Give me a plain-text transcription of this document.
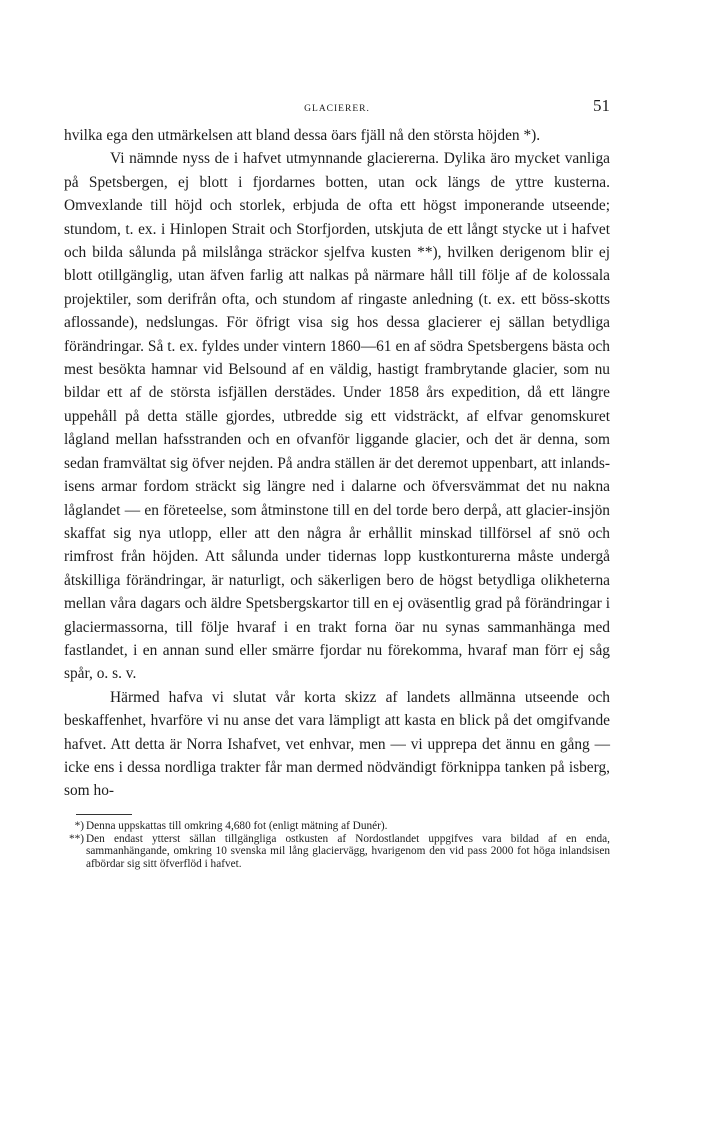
GLACIERER.	51

hvilka ega den utmärkelsen att bland dessa öars fjäll nå den största höjden *).

Vi nämnde nyss de i hafvet utmynnande glaciererna. Dylika äro mycket vanliga på Spetsbergen, ej blott i fjordarnes botten, utan ock längs de yttre kusterna. Omvexlande till höjd och storlek, erbjuda de ofta ett högst imponerande utseende; stundom, t. ex. i Hinlopen Strait och Storfjorden, utskjuta de ett långt stycke ut i hafvet och bilda sålunda på milslånga sträckor sjelfva kusten **), hvilken derigenom blir ej blott otillgänglig, utan äfven farlig att nalkas på närmare håll till följe af de kolossala projektiler, som derifrån ofta, och stundom af ringaste anledning (t. ex. ett böss-skotts aflossande), nedslungas. För öfrigt visa sig hos dessa glacierer ej sällan betydliga förändringar. Så t. ex. fyldes under vintern 1860—61 en af södra Spetsbergens bästa och mest besökta hamnar vid Belsound af en väldig, hastigt frambrytande glacier, som nu bildar ett af de största isfjällen derstädes. Under 1858 års expedition, då ett längre uppehåll på detta ställe gjordes, utbredde sig ett vidsträckt, af elfvar genomskuret lågland mellan hafsstranden och en ofvanför liggande glacier, och det är denna, som sedan framvältat sig öfver nejden. På andra ställen är det deremot uppenbart, att inlands-isens armar fordom sträckt sig längre ned i dalarne och öfversvämmat det nu nakna låglandet — en företeelse, som åtminstone till en del torde bero derpå, att glacier-insjön skaffat sig nya utlopp, eller att den några år erhållit minskad tillförsel af snö och rimfrost från höjden. Att sålunda under tidernas lopp kustkonturerna måste undergå åtskilliga förändringar, är naturligt, och säkerligen bero de högst betydliga olikheterna mellan våra dagars och äldre Spetsbergskartor till en ej oväsentlig grad på förändringar i glaciermassorna, till följe hvaraf i en trakt forna öar nu synas sammanhänga med fastlandet, i en annan sund eller smärre fjordar nu förekomma, hvaraf man förr ej såg spår, o. s. v.

Härmed hafva vi slutat vår korta skizz af landets allmänna utseende och beskaffenhet, hvarföre vi nu anse det vara lämpligt att kasta en blick på det omgifvande hafvet. Att detta är Norra Ishafvet, vet enhvar, men — vi upprepa det ännu en gång — icke ens i dessa nordliga trakter får man dermed nödvändigt förknippa tanken på isberg, som ho-

*) Denna uppskattas till omkring 4,680 fot (enligt mätning af Dunér).
**) Den endast ytterst sällan tillgängliga ostkusten af Nordostlandet uppgifves vara bildad af en enda, sammanhängande, omkring 10 svenska mil lång glaciervägg, hvarigenom den vid pass 2000 fot höga inlandsisen afbördar sig sitt öfverflöd i hafvet.
